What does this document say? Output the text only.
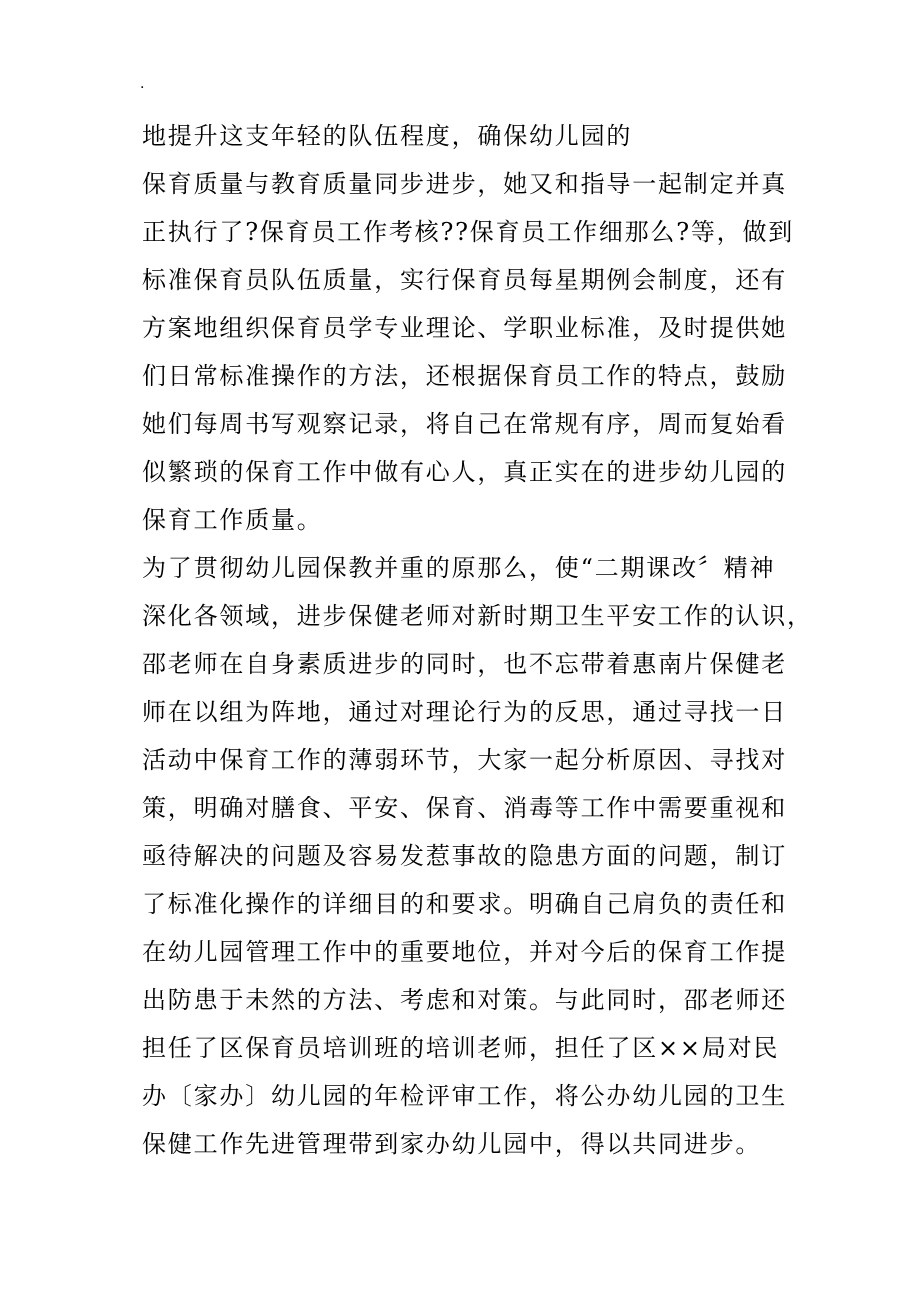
.
地提升这支年轻的队伍程度，确保幼儿园的
保育质量与教育质量同步进步，她又和指导一起制定并真
正执行了?保育员工作考核??保育员工作细那么?等，做到
标准保育员队伍质量，实行保育员每星期例会制度，还有
方案地组织保育员学专业理论、学职业标准，及时提供她
们日常标准操作的方法，还根据保育员工作的特点，鼓励
她们每周书写观察记录，将自己在常规有序，周而复始看
似繁琐的保育工作中做有心人，真正实在的进步幼儿园的
保育工作质量。
为了贯彻幼儿园保教并重的原那么，使“二期课改〞精神
深化各领域，进步保健老师对新时期卫生平安工作的认识，
邵老师在自身素质进步的同时，也不忘带着惠南片保健老
师在以组为阵地，通过对理论行为的反思，通过寻找一日
活动中保育工作的薄弱环节，大家一起分析原因、寻找对
策，明确对膳食、平安、保育、消毒等工作中需要重视和
亟待解决的问题及容易发惹事故的隐患方面的问题，制订
了标准化操作的详细目的和要求。明确自己肩负的责任和
在幼儿园管理工作中的重要地位，并对今后的保育工作提
出防患于未然的方法、考虑和对策。与此同时，邵老师还
担任了区保育员培训班的培训老师，担任了区××局对民
办〔家办〕幼儿园的年检评审工作，将公办幼儿园的卫生
保健工作先进管理带到家办幼儿园中，得以共同进步。
